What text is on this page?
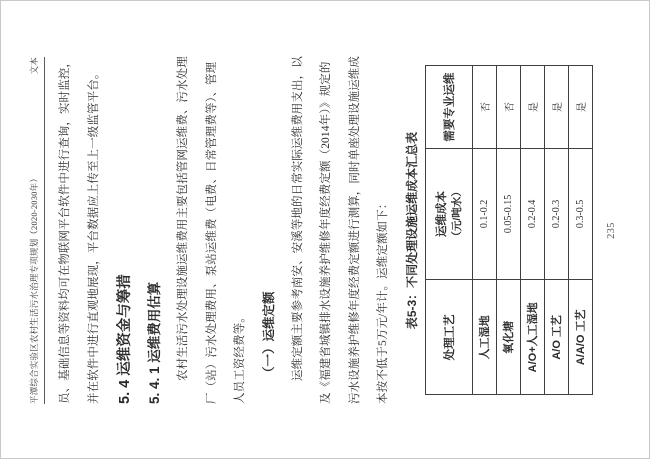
平潭综合实验区农村生活污水治理专项规划（2020-2030年）
文本	员、基础信息等资料均可在物联网平台软件中进行查询，实时监控，	并在软件中进行直观地展现，平台数据应上传至上一级监管平台。	5. 4 运维资金与筹措	5. 4. 1 运维费用估算	农村生活污水处理设施运维费用主要包括管网运维费、污水处理	厂（站）污水处理费用、泵站运维费（电费、日常管理费等）、管理	人员工资经费等。	（一）运维定额	运维定额主要参考南安、安溪等地的日常实际运维费用支出，以	及《福建省城镇排水设施养护维修年度经费定额（2014年）》规定的	污水设施养护维修年度经费定额进行测算，同时单座处理设施运维成	本按不低于5万元/年计。运维定额如下：	表5-3：不同处理设施运维成本汇总表
处理工艺	运维成本 （元/吨水）	需要专业运维
人工湿地	0.1-0.2	否
氧化塘	0.05-0.15	否
A/O+人工湿地	0.2-0.4	是
A/O 工艺	0.2-0.3	是
A/A/O 工艺	0.3-0.5	是
235
